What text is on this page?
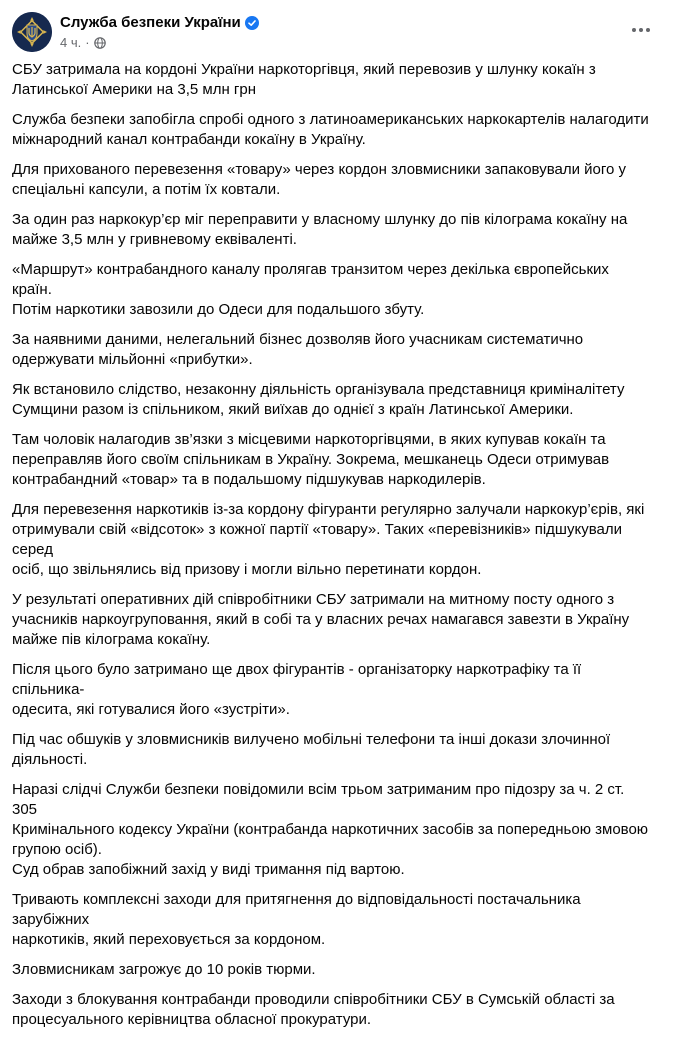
Служба безпеки України
4 ч. ·

СБУ затримала на кордоні України наркоторгівця, який перевозив у шлунку кокаїн з
Латинської Америки на 3,5 млн грн

Служба безпеки запобігла спробі одного з латиноамериканських наркокартелів налагодити
міжнародний канал контрабанди кокаїну в Україну.

Для прихованого перевезення «товару» через кордон зловмисники запаковували його у
спеціальні капсули, а потім їх ковтали.

За один раз наркокур’єр міг переправити у власному шлунку до пів кілограма кокаїну на
майже 3,5 млн у гривневому еквіваленті.

«Маршрут» контрабандного каналу пролягав транзитом через декілька європейських країн.
Потім наркотики завозили до Одеси для подальшого збуту.

За наявними даними, нелегальний бізнес дозволяв його учасникам систематично
одержувати мільйонні «прибутки».

Як встановило слідство, незаконну діяльність організувала представниця кримінaлітету
Сумщини разом із спільником, який виїхав до однієї з країн Латинської Америки.

Там чоловік налагодив зв’язки з місцевими наркоторгівцями, в яких купував кокаїн та
переправляв його своїм спільникам в Україну. Зокрема, мешканець Одеси отримував
контрабандний «товар» та в подальшому підшукував наркодилерів.

Для перевезення наркотиків із-за кордону фігуранти регулярно залучали наркокур’єрів, які
отримували свій «відсоток» з кожної партії «товару». Таких «перевізників» підшукували серед
осіб, що звільнялись від призову і могли вільно перетинати кордон.

У результаті оперативних дій співробітники СБУ затримали на митному посту одного з
учасників наркоугруповання, який в собі та у власних речах намагався завезти в Україну
майже пів кілограма кокаїну.

Після цього було затримано ще двох фігурантів - організаторку наркотрафіку та її спільника-
одесита, які готувалися його «зустріти».

Під час обшуків у зловмисників вилучено мобільні телефони та інші докази злочинної
діяльності.

Наразі слідчі Служби безпеки повідомили всім трьом затриманим про підозру за ч. 2 ст. 305
Кримінального кодексу України (контрабанда наркотичних засобів за попередньою змовою
групою осіб).
Суд обрав запобіжний захід у виді тримання під вартою.

Тривають комплексні заходи для притягнення до відповідальності постачальника зарубіжних
наркотиків, який переховується за кордоном.

Зловмисникам загрожує до 10 років тюрми.

Заходи з блокування контрабанди проводили співробітники СБУ в Сумській області за
процесуального керівництва обласної прокуратури.
